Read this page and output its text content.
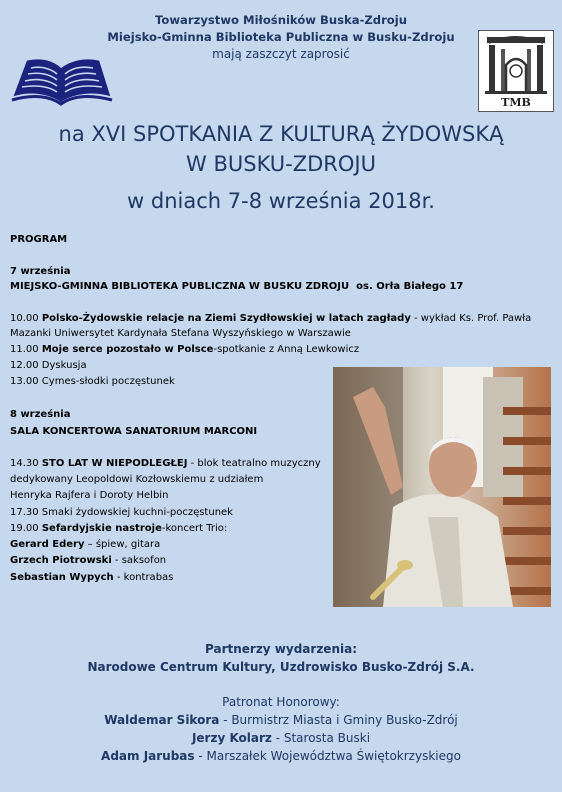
Towarzystwo Miłośników Buska-Zdroju
Miejsko-Gminna Biblioteka Publiczna w Busku-Zdroju
mają zaszczyt zaprosić
TMB
na XVI SPOTKANIA Z KULTURĄ ŻYDOWSKĄ
W BUSKU-ZDROJU
w dniach 7-8 września 2018r.
PROGRAM
7 września
MIEJSKO-GMINNA BIBLIOTEKA PUBLICZNA W BUSKU ZDROJU os. Orła Białego 17
10.00 Polsko-Żydowskie relacje na Ziemi Szydłowskiej w latach zagłady - wykład Ks. Prof. Pawła
Mazanki Uniwersytet Kardynała Stefana Wyszyńskiego w Warszawie
11.00 Moje serce pozostało w Polsce-spotkanie z Anną Lewkowicz
12.00 Dyskusja
13.00 Cymes-słodki poczęstunek
8 września
SALA KONCERTOWA SANATORIUM MARCONI
14.30 STO LAT W NIEPODLEGŁEJ - blok teatralno muzyczny
dedykowany Leopoldowi Kozłowskiemu z udziałem
Henryka Rajfera i Doroty Helbin
17.30 Smaki żydowskiej kuchni-poczęstunek
19.00 Sefardyjskie nastroje-koncert Trio:
Gerard Edery – śpiew, gitara
Grzech Piotrowski - saksofon
Sebastian Wypych - kontrabas
Partnerzy wydarzenia:
Narodowe Centrum Kultury, Uzdrowisko Busko-Zdrój S.A.
Patronat Honorowy:
Waldemar Sikora - Burmistrz Miasta i Gminy Busko-Zdrój
Jerzy Kolarz - Starosta Buski
Adam Jarubas - Marszałek Województwa Świętokrzyskiego
